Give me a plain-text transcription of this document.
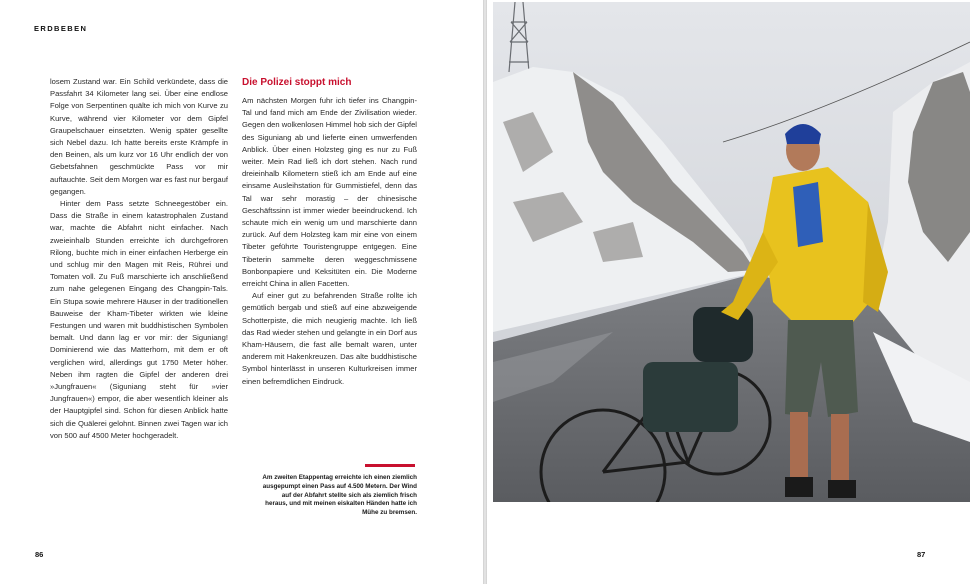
ERDBEBEN

losem Zustand war. Ein Schild verkündete, dass die Passfahrt 34 Kilometer lang sei. Über eine endlose Folge von Serpentinen quälte ich mich von Kurve zu Kurve, während vier Kilometer vor dem Gipfel Graupelschauer einsetzten. Wenig später gesellte sich Nebel dazu. Ich hatte bereits erste Krämpfe in den Beinen, als um kurz vor 16 Uhr endlich der von Gebetsfahnen geschmückte Pass vor mir auftauchte. Seit dem Morgen war es fast nur bergauf gegangen.

Hinter dem Pass setzte Schneegestöber ein. Dass die Straße in einem katastrophalen Zustand war, machte die Abfahrt nicht einfacher. Nach zweieinhalb Stunden erreichte ich durchgefroren Rilong, buchte mich in einer einfachen Herberge ein und schlug mir den Magen mit Reis, Rührei und Tomaten voll. Zu Fuß marschierte ich anschließend zum nahe gelegenen Eingang des Changpin-Tals. Ein Stupa sowie mehrere Häuser in der traditionellen Bauweise der Kham-Tibeter wirkten wie kleine Festungen und waren mit buddhistischen Symbolen bemalt. Und dann lag er vor mir: der Siguniang! Dominierend wie das Matterhorn, mit dem er oft verglichen wird, allerdings gut 1750 Meter höher. Neben ihm ragten die Gipfel der anderen drei »Jungfrauen« (Siguniang steht für »vier Jungfrauen«) empor, die aber wesentlich kleiner als der Hauptgipfel sind. Schon für diesen Anblick hatte sich die Quälerei gelohnt. Binnen zwei Tagen war ich von 500 auf 4500 Meter hochgeradelt.

Die Polizei stoppt mich

Am nächsten Morgen fuhr ich tiefer ins Changpin-Tal und fand mich am Ende der Zivilisation wieder. Gegen den wolkenlosen Himmel hob sich der Gipfel des Siguniang ab und lieferte einen umwerfenden Anblick. Über einen Holzsteg ging es nur zu Fuß weiter. Mein Rad ließ ich dort stehen. Nach rund dreieinhalb Kilometern stieß ich am Ende auf eine einsame Ausleihstation für Gummistiefel, denn das Tal war sehr morastig – der chinesische Geschäftssinn ist immer wieder beeindruckend. Ich schaute mich ein wenig um und marschierte dann zurück. Auf dem Holzsteg kam mir eine von einem Tibeter geführte Touristengruppe entgegen. Eine Tibeterin sammelte deren weggeschmissene Bonbonpapiere und Keksitüten ein. Die Moderne erreicht China in allen Facetten.

Auf einer gut zu befahrenden Straße rollte ich gemütlich bergab und stieß auf eine abzweigende Schotterpiste, die mich neugierig machte. Ich ließ das Rad wieder stehen und gelangte in ein Dorf aus Kham-Häusern, die fast alle bemalt waren, unter anderem mit Hakenkreuzen. Das alte buddhistische Symbol hinterlässt in unseren Kulturkreisen immer einen befremdlichen Eindruck.

Am zweiten Etappentag erreichte ich einen ziemlich ausgepumpt einen Pass auf 4.500 Metern. Der Wind auf der Abfahrt stellte sich als ziemlich frisch heraus, und mit meinen eiskalten Händen hatte ich Mühe zu bremsen.
86	87
